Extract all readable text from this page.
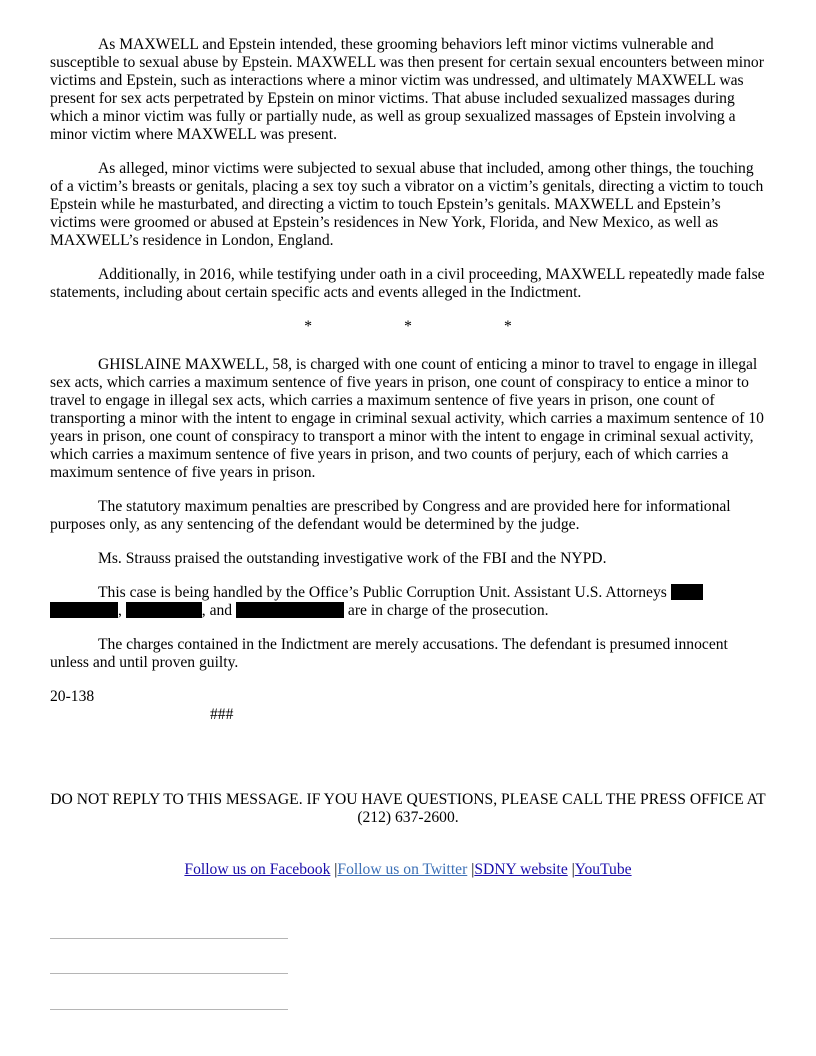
As MAXWELL and Epstein intended, these grooming behaviors left minor victims vulnerable and susceptible to sexual abuse by Epstein. MAXWELL was then present for certain sexual encounters between minor victims and Epstein, such as interactions where a minor victim was undressed, and ultimately MAXWELL was present for sex acts perpetrated by Epstein on minor victims. That abuse included sexualized massages during which a minor victim was fully or partially nude, as well as group sexualized massages of Epstein involving a minor victim where MAXWELL was present.

As alleged, minor victims were subjected to sexual abuse that included, among other things, the touching of a victim’s breasts or genitals, placing a sex toy such a vibrator on a victim’s genitals, directing a victim to touch Epstein while he masturbated, and directing a victim to touch Epstein’s genitals. MAXWELL and Epstein’s victims were groomed or abused at Epstein’s residences in New York, Florida, and New Mexico, as well as MAXWELL’s residence in London, England.

Additionally, in 2016, while testifying under oath in a civil proceeding, MAXWELL repeatedly made false statements, including about certain specific acts and events alleged in the Indictment.

*	*	*

GHISLAINE MAXWELL, 58, is charged with one count of enticing a minor to travel to engage in illegal sex acts, which carries a maximum sentence of five years in prison, one count of conspiracy to entice a minor to travel to engage in illegal sex acts, which carries a maximum sentence of five years in prison, one count of transporting a minor with the intent to engage in criminal sexual activity, which carries a maximum sentence of 10 years in prison, one count of conspiracy to transport a minor with the intent to engage in criminal sexual activity, which carries a maximum sentence of five years in prison, and two counts of perjury, each of which carries a maximum sentence of five years in prison.

The statutory maximum penalties are prescribed by Congress and are provided here for informational purposes only, as any sentencing of the defendant would be determined by the judge.

Ms. Strauss praised the outstanding investigative work of the FBI and the NYPD.

This case is being handled by the Office’s Public Corruption Unit. Assistant U.S. Attorneys
,	, and	are in charge of the prosecution.

The charges contained in the Indictment are merely accusations. The defendant is presumed innocent unless and until proven guilty.

20-138
###
DO NOT REPLY TO THIS MESSAGE. IF YOU HAVE QUESTIONS, PLEASE CALL THE PRESS OFFICE AT (212) 637-2600.
Follow us on Facebook |Follow us on Twitter |SDNY website |YouTube
